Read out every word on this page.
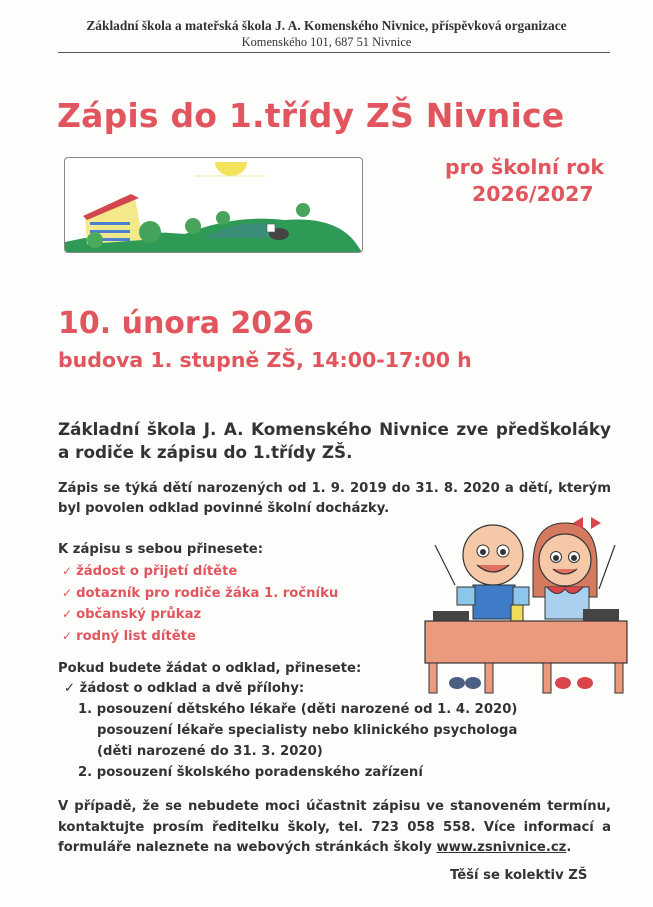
Základní škola a mateřská škola J. A. Komenského Nivnice, příspěvková organizace
Komenského 101, 687 51 Nivnice
Zápis do 1.třídy ZŠ Nivnice
pro školní rok
2026/2027
10. února 2026
budova 1. stupně ZŠ, 14:00-17:00 h
Základní škola J. A. Komenského Nivnice zve předškoláky a rodiče k zápisu do 1.třídy ZŠ.
Zápis se týká dětí narozených od 1. 9. 2019 do 31. 8. 2020 a dětí, kterým byl povolen odklad povinné školní docházky.
K zápisu s sebou přinesete:
✓ žádost o přijetí dítěte
✓ dotazník pro rodiče žáka 1. ročníku
✓ občanský průkaz
✓ rodný list dítěte
Pokud budete žádat o odklad, přinesete:
✓ žádost o odklad a dvě přílohy:
1. posouzení dětského lékaře (děti narozené od 1. 4. 2020)
posouzení lékaře specialisty nebo klinického psychologa
(děti narozené do 31. 3. 2020)
2. posouzení školského poradenského zařízení
V případě, že se nebudete moci účastnit zápisu ve stanoveném termínu, kontaktujte prosím ředitelku školy, tel. 723 058 558. Více informací a formuláře naleznete na webových stránkách školy www.zsnivnice.cz.
Těší se kolektiv ZŠ
